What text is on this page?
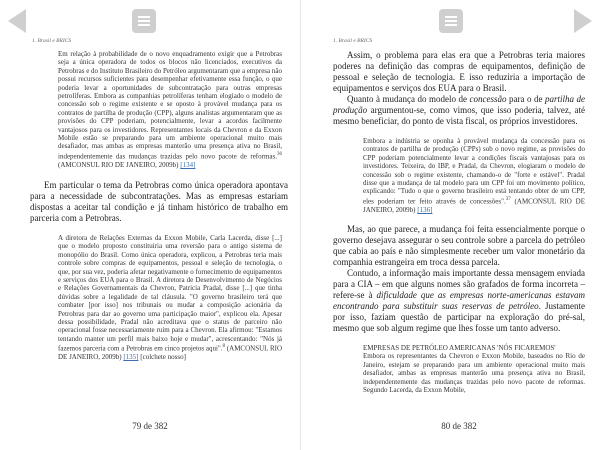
1. Brasil e BRICS

Em relação à probabilidade de o novo enquadramento exigir que a Petrobras seja a única operadora de todos os blocos não licenciados, executivos da Petrobras e do Instituto Brasileiro do Petróleo argumentaram que a empresa não possui recursos suficientes para desempenhar efetivamente essa função, o que poderia levar a oportunidades de subcontratação para outras empresas petrolíferas. Embora as companhias petrolíferas tenham elogiado o modelo de concessão sob o regime existente e se oposto à provável mudança para os contratos de partilha de produção (CPP), alguns analistas argumentaram que as provisões do CPP poderiam, potencialmente, levar a acordos facilmente vantajosos para os investidores. Representantes locais da Chevron e da Exxon Mobile estão se preparando para um ambiente operacional muito mais desafiador, mas ambas as empresas manterão uma presença ativa no Brasil, independentemente das mudanças trazidas pelo novo pacote de reformas.$^{36}$ (AMCONSUL RIO DE JANEIRO, 2009b) [134]

Em particular o tema da Petrobras como única operadora apontava para a necessidade de subcontratações. Mas as empresas estariam dispostas a aceitar tal condição e já tinham histórico de trabalho em parceria com a Petrobras.

A diretora de Relações Externas da Exxon Mobile, Carla Lacerda, disse [...] que o modelo proposto constituiria uma reversão para o antigo sistema de monopólio do Brasil. Como única operadora, explicou, a Petrobras teria mais controle sobre compras de equipamentos, pessoal e seleção de tecnologia, o que, por sua vez, poderia afetar negativamente o fornecimento de equipamentos e serviços dos EUA para o Brasil. A diretora de Desenvolvimento de Negócios e Relações Governamentais da Chevron, Patricia Pradal, disse [...] que tinha dúvidas sobre a legalidade de tal cláusula. "O governo brasileiro terá que combater [por isso] nos tribunais ou mudar a composição acionária da Petrobras para dar ao governo uma participação maior", explicou ela. Apesar dessa possibilidade, Pradal não acreditava que o status de parceiro não operacional fosse necessariamente ruim para a Chevron. Ela afirmou: "Estamos tentando manter um perfil mais baixo hoje e mudar", acrescentando: "Nós já fazemos parceria com a Petrobras em cinco projetos aqui".$^8$ (AMCONSUL RIO DE JANEIRO, 2009b) [135] [colchete nosso]

79 de 382
1. Brasil e BRICS

Assim, o problema para elas era que a Petrobras teria maiores poderes na definição das compras de equipamentos, definição de pessoal e seleção de tecnologia. E isso reduziria a importação de equipamentos e serviços dos EUA para o Brasil.

Quanto à mudança do modelo de concessão para o de partilha de produção argumentou-se, como vimos, que isso poderia, talvez, até mesmo beneficiar, do ponto de vista fiscal, os próprios investidores.

Embora a indústria se oponha à provável mudança da concessão para os contratos de partilha de produção (CPPs) sob o novo regime, as provisões do CPP poderiam potencialmente levar a condições fiscais vantajosas para os investidores. Teixeira, do IBP, e Pradal, da Chevron, elogiaram o modelo de concessão sob o regime existente, chamando-o de "forte e estável". Pradal disse que a mudança de tal modelo para um CPP foi um movimento político, explicando: "Tudo o que o governo brasileiro está tentando obter de um CPP, eles poderiam ter feito através de concessões".$^{37}$ (AMCONSUL RIO DE JANEIRO, 2009b) [136]

Mas, ao que parece, a mudança foi feita essencialmente porque o governo desejava assegurar o seu controle sobre a parcela do petróleo que cabia ao país e não simplesmente receber um valor monetário da companhia estrangeira em troca dessa parcela.

Contudo, a informação mais importante dessa mensagem enviada para a CIA – em que alguns nomes são grafados de forma incorreta – refere-se à dificuldade que as empresas norte-americanas estavam encontrando para substituir suas reservas de petróleo. Justamente por isso, faziam questão de participar na exploração do pré-sal, mesmo que sob algum regime que lhes fosse um tanto adverso.

EMPRESAS DE PETRÓLEO AMERICANAS 'NÓS FICAREMOS'
Embora os representantes da Chevron e Exxon Mobile, baseados no Rio de Janeiro, estejam se preparando para um ambiente operacional muito mais desafiador, ambas as empresas manterão uma presença ativa no Brasil, independentemente das mudanças trazidas pelo novo pacote de reformas. Segundo Lacerda, da Exxon Mobile,

80 de 382
